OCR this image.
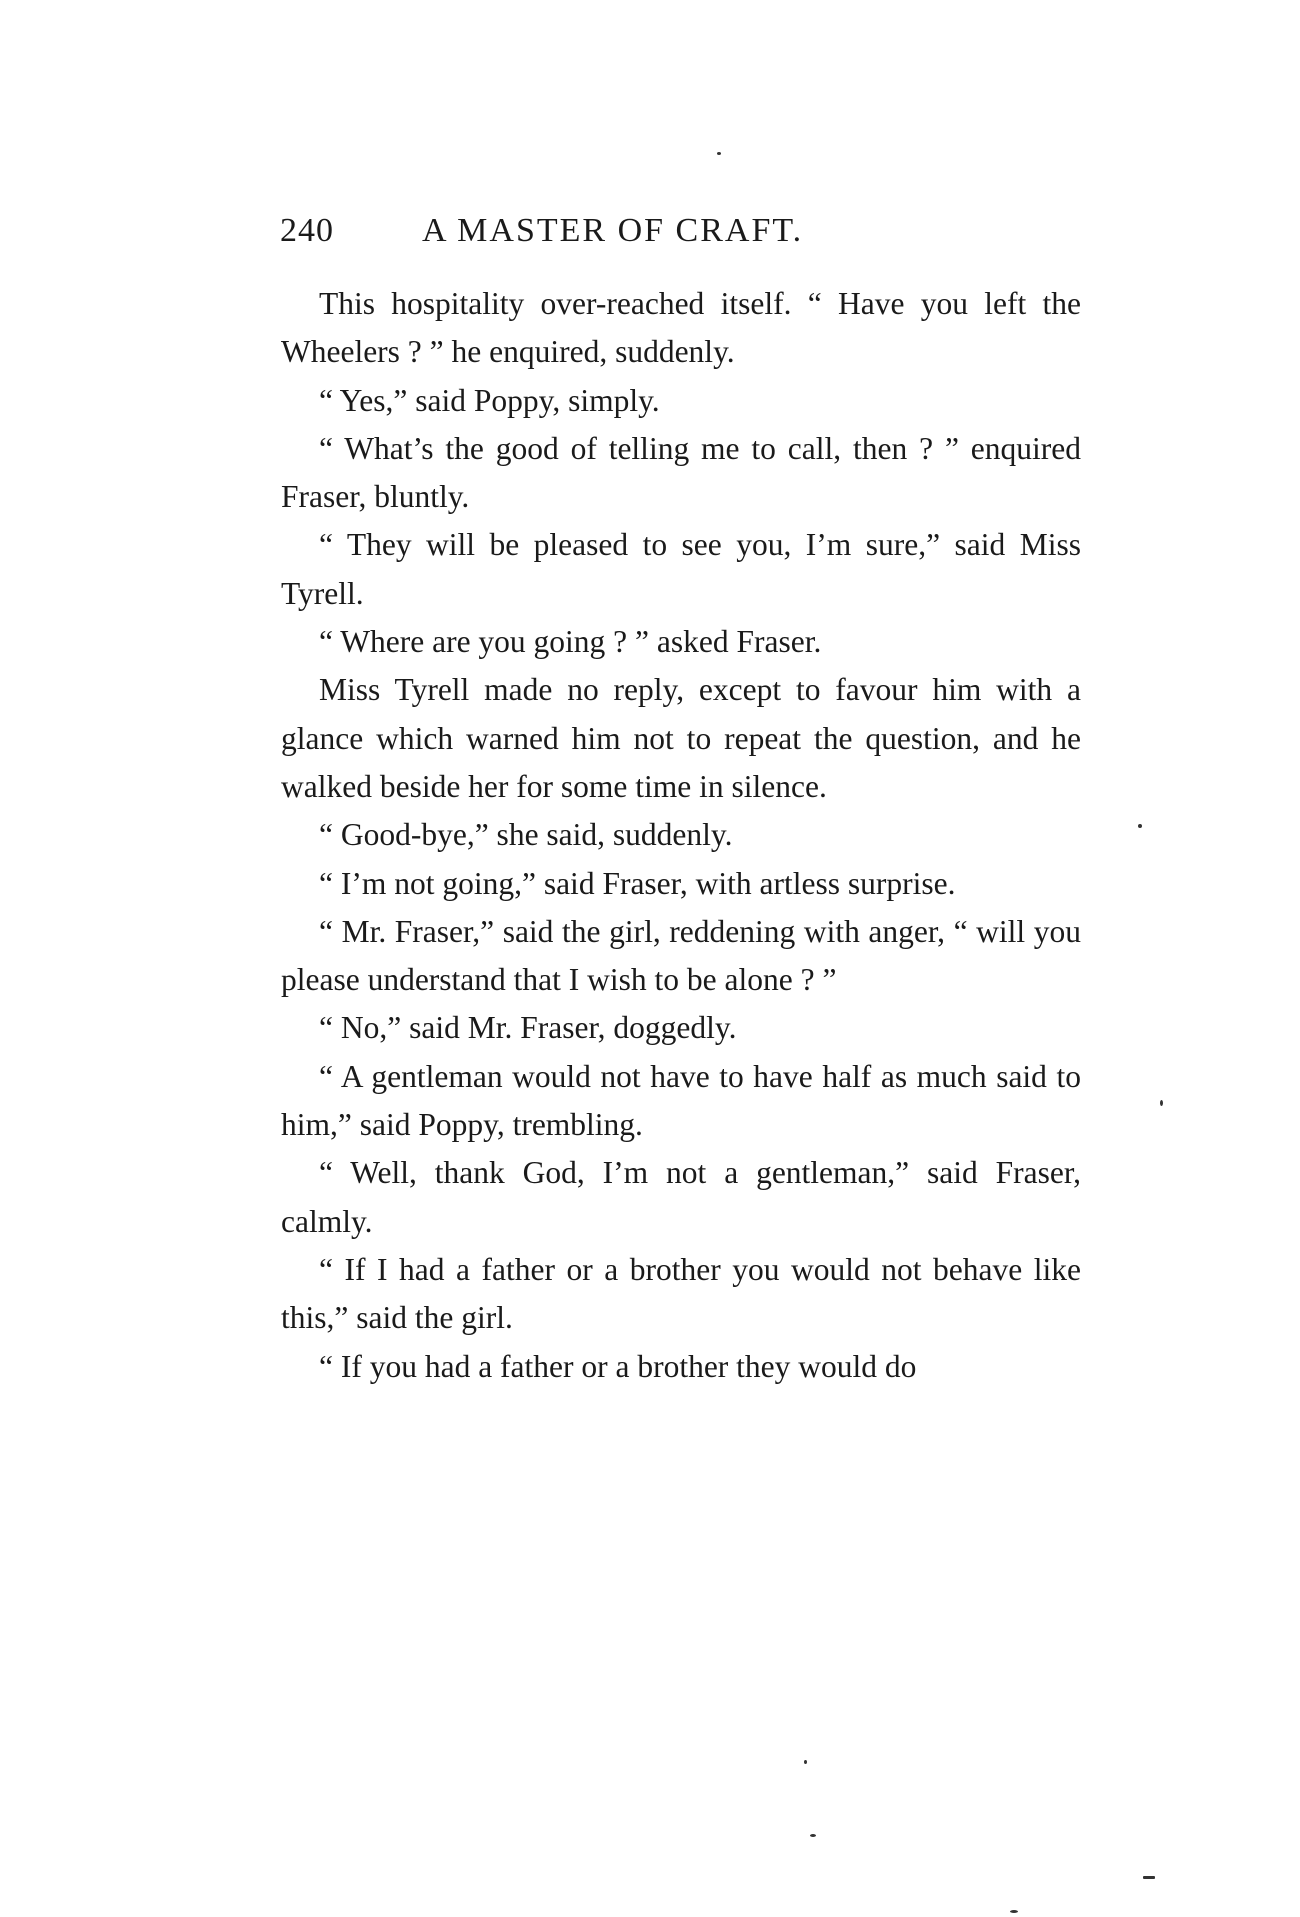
240	A MASTER OF CRAFT.

This hospitality over-reached itself. “ Have you left the Wheelers ? ” he enquired, suddenly.

“ Yes,” said Poppy, simply.

“ What’s the good of telling me to call, then ? ” enquired Fraser, bluntly.

“ They will be pleased to see you, I’m sure,” said Miss Tyrell.

“ Where are you going ? ” asked Fraser.

Miss Tyrell made no reply, except to favour him with a glance which warned him not to repeat the question, and he walked beside her for some time in silence.

“ Good-bye,” she said, suddenly.

“ I’m not going,” said Fraser, with artless surprise.

“ Mr. Fraser,” said the girl, reddening with anger, “ will you please understand that I wish to be alone ? ”

“ No,” said Mr. Fraser, doggedly.

“ A gentleman would not have to have half as much said to him,” said Poppy, trembling.

“ Well, thank God, I’m not a gentleman,” said Fraser, calmly.

“ If I had a father or a brother you would not behave like this,” said the girl.

“ If you had a father or a brother they would do
